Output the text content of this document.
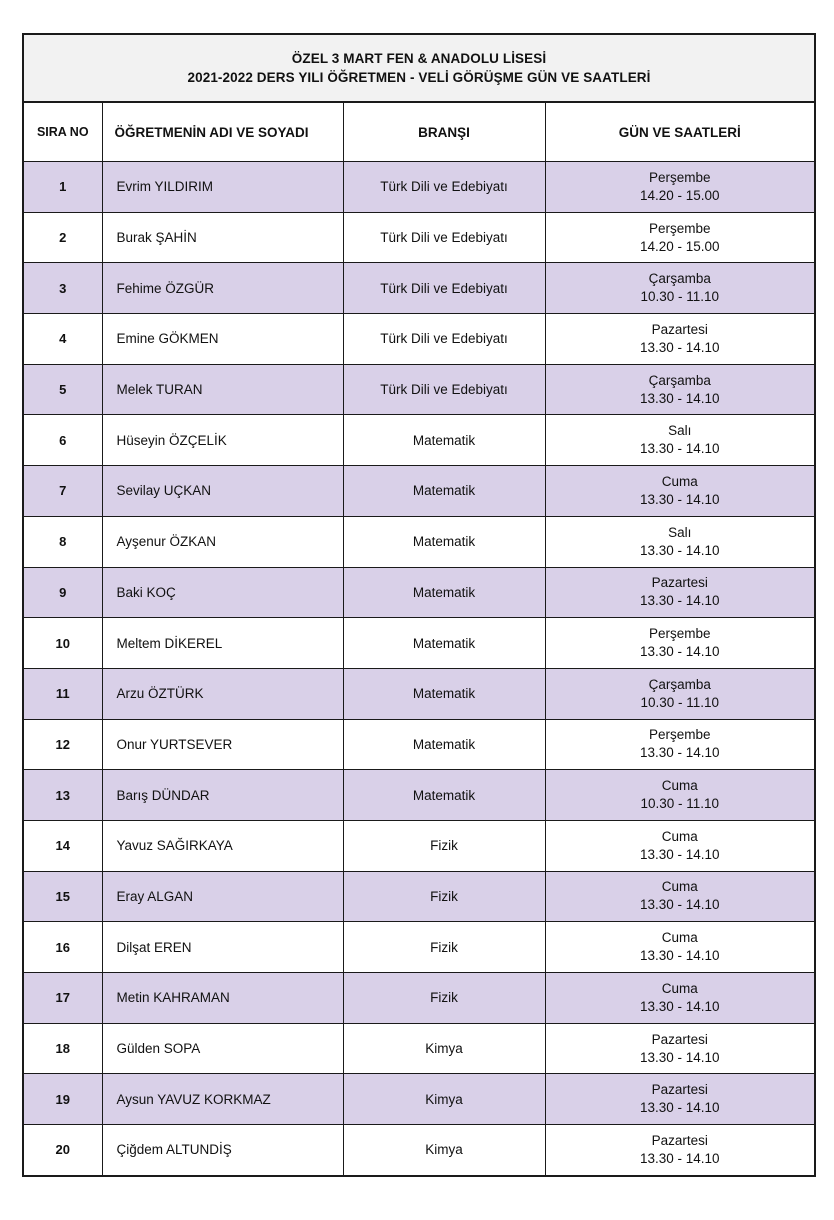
ÖZEL 3 MART FEN & ANADOLU LİSESİ
2021-2022 DERS YILI ÖĞRETMEN - VELİ GÖRÜŞME GÜN VE SAATLERİ
SIRA NO	ÖĞRETMENİN ADI VE SOYADI	BRANŞI	GÜN VE SAATLERİ
1	Evrim YILDIRIM	Türk Dili ve Edebiyatı	Perşembe
14.20 - 15.00

2	Burak ŞAHİN	Türk Dili ve Edebiyatı	Perşembe
14.20 - 15.00

3	Fehime ÖZGÜR	Türk Dili ve Edebiyatı	Çarşamba
10.30 - 11.10

4	Emine GÖKMEN	Türk Dili ve Edebiyatı	Pazartesi
13.30 - 14.10

5	Melek TURAN	Türk Dili ve Edebiyatı	Çarşamba
13.30 - 14.10

6	Hüseyin ÖZÇELİK	Matematik	Salı
13.30 - 14.10

7	Sevilay UÇKAN	Matematik	Cuma
13.30 - 14.10

8	Ayşenur ÖZKAN	Matematik	Salı
13.30 - 14.10

9	Baki KOÇ	Matematik	Pazartesi
13.30 - 14.10

10	Meltem DİKEREL	Matematik	Perşembe
13.30 - 14.10

11	Arzu ÖZTÜRK	Matematik	Çarşamba
10.30 - 11.10

12	Onur YURTSEVER	Matematik	Perşembe
13.30 - 14.10

13	Barış DÜNDAR	Matematik	Cuma
10.30 - 11.10

14	Yavuz SAĞIRKAYA	Fizik	Cuma
13.30 - 14.10

15	Eray ALGAN	Fizik	Cuma
13.30 - 14.10

16	Dilşat EREN	Fizik	Cuma
13.30 - 14.10

17	Metin KAHRAMAN	Fizik	Cuma
13.30 - 14.10

18	Gülden SOPA	Kimya	Pazartesi
13.30 - 14.10

19	Aysun YAVUZ KORKMAZ	Kimya	Pazartesi
13.30 - 14.10

20	Çiğdem ALTUNDİŞ	Kimya	Pazartesi
13.30 - 14.10
